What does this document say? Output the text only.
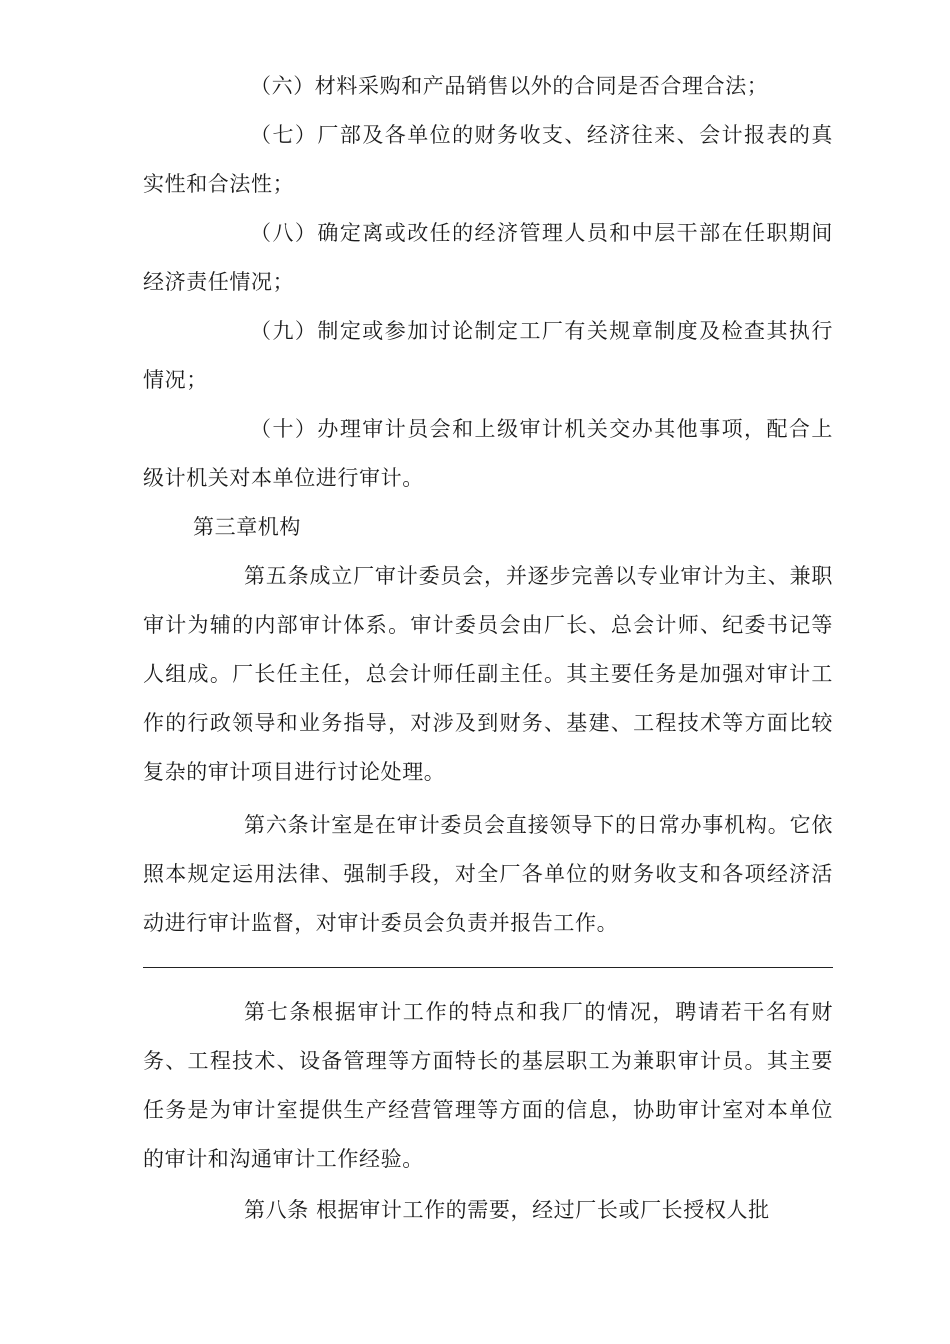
（六）材料采购和产品销售以外的合同是否合理合法；

（七）厂部及各单位的财务收支、经济往来、会计报表的真实性和合法性；

（八）确定离或改任的经济管理人员和中层干部在任职期间经济责任情况；

（九）制定或参加讨论制定工厂有关规章制度及检查其执行情况；

（十）办理审计员会和上级审计机关交办其他事项，配合上级计机关对本单位进行审计。

第三章机构

第五条成立厂审计委员会，并逐步完善以专业审计为主、兼职审计为辅的内部审计体系。审计委员会由厂长、总会计师、纪委书记等人组成。厂长任主任，总会计师任副主任。其主要任务是加强对审计工作的行政领导和业务指导，对涉及到财务、基建、工程技术等方面比较复杂的审计项目进行讨论处理。

第六条计室是在审计委员会直接领导下的日常办事机构。它依照本规定运用法律、强制手段，对全厂各单位的财务收支和各项经济活动进行审计监督，对审计委员会负责并报告工作。

第七条根据审计工作的特点和我厂的情况，聘请若干名有财务、工程技术、设备管理等方面特长的基层职工为兼职审计员。其主要任务是为审计室提供生产经营管理等方面的信息，协助审计室对本单位的审计和沟通审计工作经验。

第八条 根据审计工作的需要，经过厂长或厂长授权人批
